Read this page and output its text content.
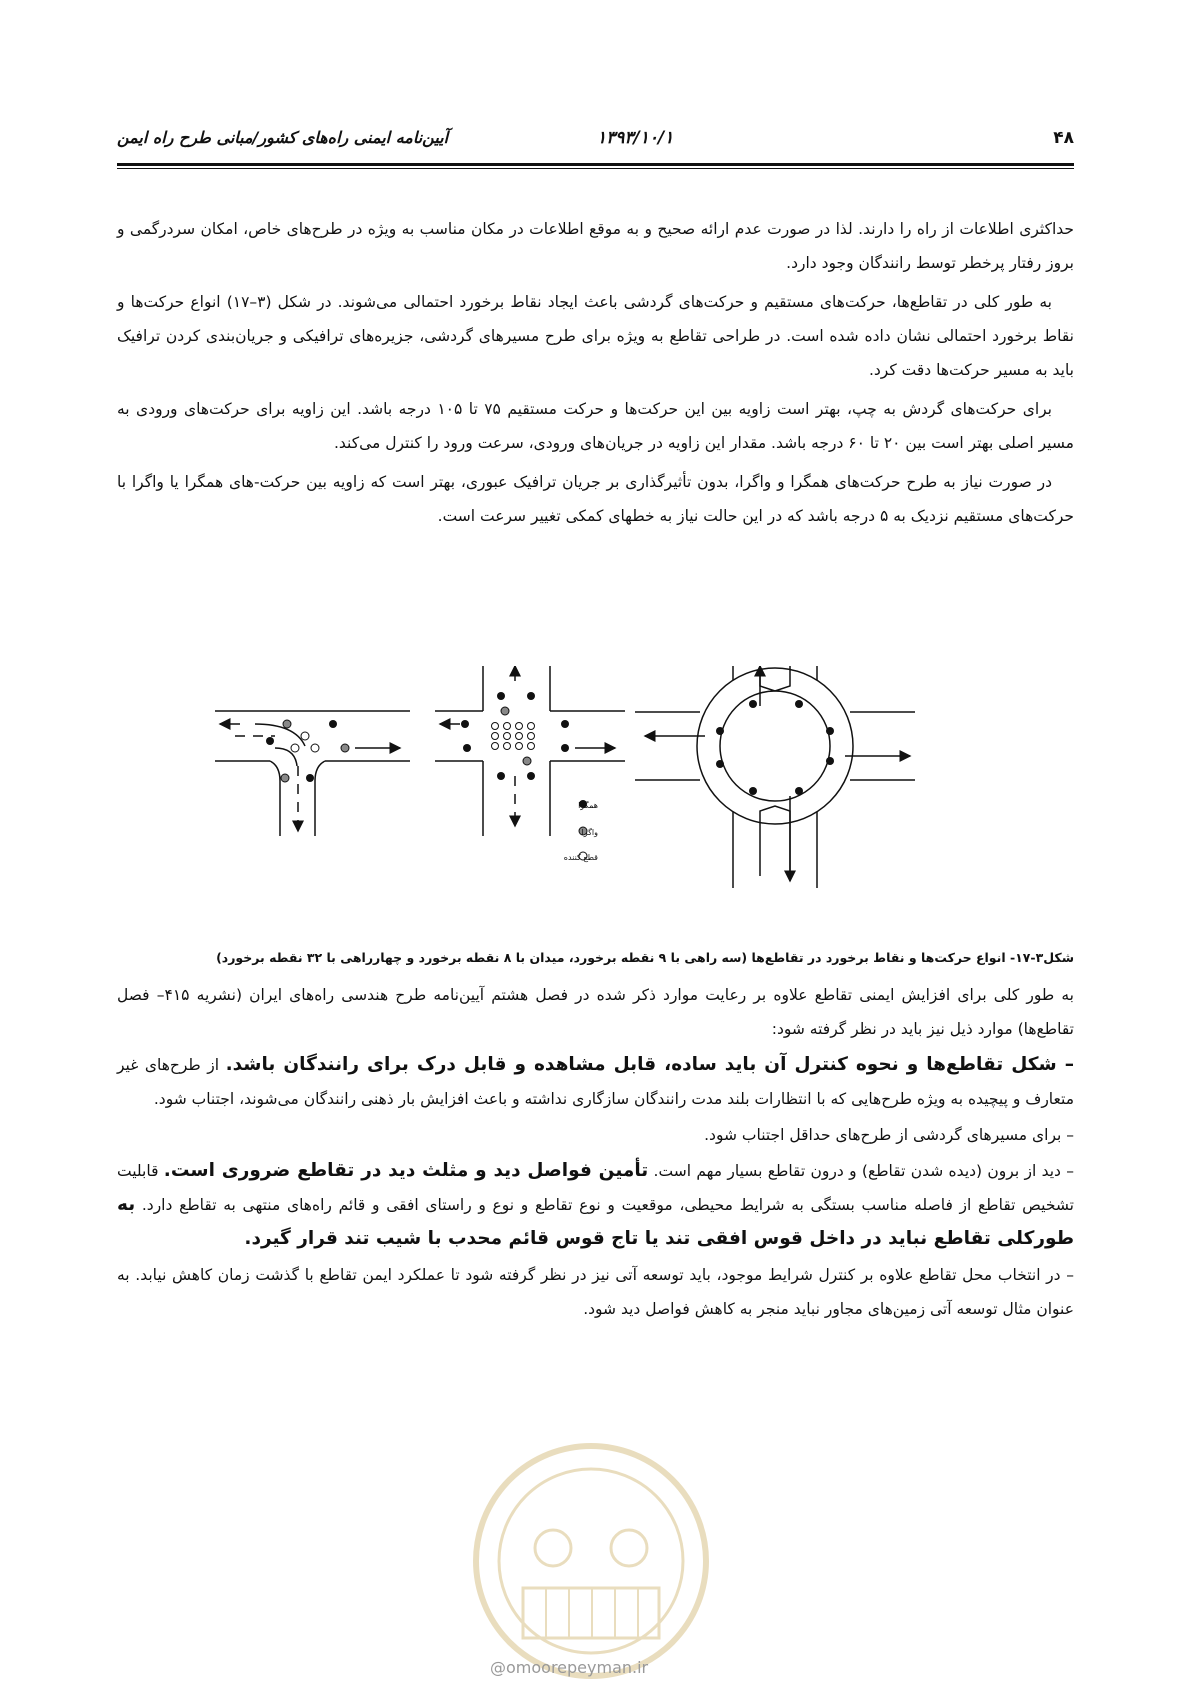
۴۸
۱۳۹۳/۱۰/۱
آیین‌نامه ایمنی راه‌های کشور/مبانی طرح راه ایمن

حداکثری اطلاعات از راه را دارند. لذا در صورت عدم ارائه صحیح و به موقع اطلاعات در مکان مناسب به ویژه در طرح‌های خاص، امکان سردرگمی و بروز رفتار پرخطر توسط رانندگان وجود دارد.

به طور کلی در تقاطع‌ها، حرکت‌های مستقیم و حرکت‌های گردشی باعث ایجاد نقاط برخورد احتمالی می‌شوند. در شکل (۳–۱۷) انواع حرکت‌ها و نقاط برخورد احتمالی نشان داده شده است. در طراحی تقاطع به ویژه برای طرح مسیرهای گردشی، جزیره‌های ترافیکی و جریان‌بندی کردن ترافیک باید به مسیر حرکت‌ها دقت کرد.

برای حرکت‌های گردش به چپ، بهتر است زاویه بین این حرکت‌ها و حرکت مستقیم ۷۵ تا ۱۰۵ درجه باشد. این زاویه برای حرکت‌های ورودی به مسیر اصلی بهتر است بین ۲۰ تا ۶۰ درجه باشد. مقدار این زاویه در جریان‌های ورودی، سرعت ورود را کنترل می‌کند.

در صورت نیاز به طرح حرکت‌های همگرا و واگرا، بدون تأثیرگذاری بر جریان ترافیک عبوری، بهتر است که زاویه بین حرکت-های همگرا یا واگرا با حرکت‌های مستقیم نزدیک به ۵ درجه باشد که در این حالت نیاز به خطهای کمکی تغییر سرعت است.

همگرا
واگرا
قطع کننده
شکل۳-۱۷- انواع حرکت‌ها و نقاط برخورد در تقاطع‌ها (سه راهی با ۹ نقطه برخورد، میدان با ۸ نقطه برخورد و چهارراهی با ۳۲ نقطه برخورد)

به طور کلی برای افزایش ایمنی تقاطع علاوه بر رعایت موارد ذکر شده در فصل هشتم آیین‌نامه طرح هندسی راه‌های ایران (نشریه ۴۱۵– فصل تقاطع‌ها) موارد ذیل نیز باید در نظر گرفته شود:

– شکل تقاطع‌ها و نحوه کنترل آن باید ساده، قابل مشاهده و قابل درک برای رانندگان باشد. از طرح‌های غیر متعارف و پیچیده به ویژه طرح‌هایی که با انتظارات بلند مدت رانندگان سازگاری نداشته و باعث افزایش بار ذهنی رانندگان می‌شوند، اجتناب شود.

– برای مسیرهای گردشی از طرح‌های حداقل اجتناب شود.

– دید از برون (دیده شدن تقاطع) و درون تقاطع بسیار مهم است. تأمین فواصل دید و مثلث دید در تقاطع ضروری است. قابلیت تشخیص تقاطع از فاصله مناسب بستگی به شرایط محیطی، موقعیت و نوع تقاطع و نوع و راستای افقی و قائم راه‌های منتهی به تقاطع دارد. به طورکلی تقاطع نباید در داخل قوس افقی تند یا تاج قوس قائم محدب با شیب تند قرار گیرد.

– در انتخاب محل تقاطع علاوه بر کنترل شرایط موجود، باید توسعه آتی نیز در نظر گرفته شود تا عملکرد ایمن تقاطع با گذشت زمان کاهش نیابد. به عنوان مثال توسعه آتی زمین‌های مجاور نباید منجر به کاهش فواصل دید شود.

@omoorepeyman.ir
